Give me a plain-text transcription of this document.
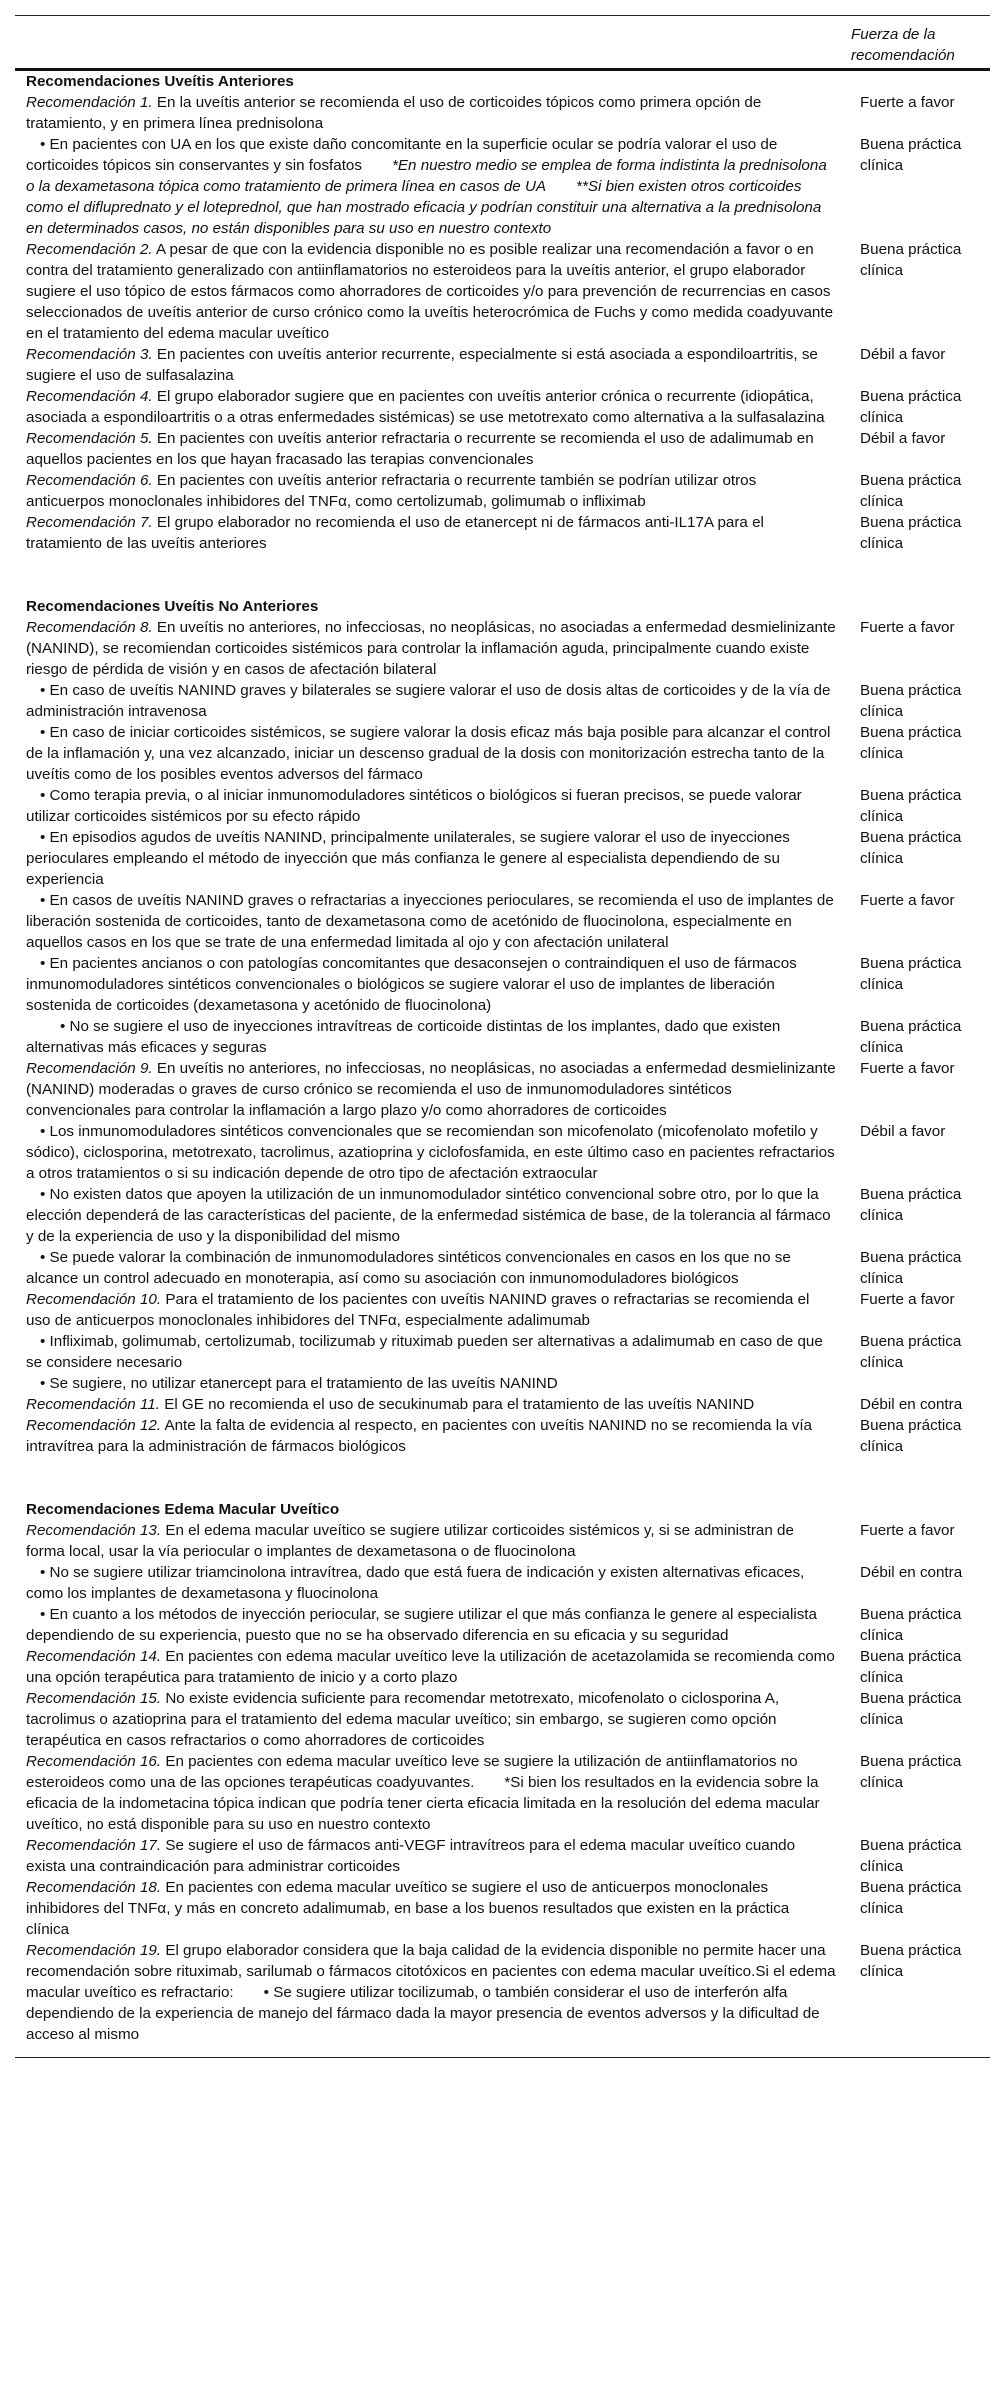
Fuerza de la
recomendación
Recomendaciones Uveítis Anteriores
Recomendación 1. En la uveítis anterior se recomienda el uso de corticoides tópicos como primera opción de tratamiento, y en primera línea prednisolona
Fuerte a favor
• En pacientes con UA en los que existe daño concomitante en la superficie ocular se podría valorar el uso de corticoides tópicos sin conservantes y sin fosfatos *En nuestro medio se emplea de forma indistinta la prednisolona o la dexametasona tópica como tratamiento de primera línea en casos de UA **Si bien existen otros corticoides como el difluprednato y el loteprednol, que han mostrado eficacia y podrían constituir una alternativa a la prednisolona en determinados casos, no están disponibles para su uso en nuestro contexto
Buena práctica clínica
Recomendación 2. A pesar de que con la evidencia disponible no es posible realizar una recomendación a favor o en contra del tratamiento generalizado con antiinflamatorios no esteroideos para la uveítis anterior, el grupo elaborador sugiere el uso tópico de estos fármacos como ahorradores de corticoides y/o para prevención de recurrencias en casos seleccionados de uveítis anterior de curso crónico como la uveítis heterocrómica de Fuchs y como medida coadyuvante en el tratamiento del edema macular uveítico
Buena práctica clínica
Recomendación 3. En pacientes con uveítis anterior recurrente, especialmente si está asociada a espondiloartritis, se sugiere el uso de sulfasalazina
Débil a favor
Recomendación 4. El grupo elaborador sugiere que en pacientes con uveítis anterior crónica o recurrente (idiopática, asociada a espondiloartritis o a otras enfermedades sistémicas) se use metotrexato como alternativa a la sulfasalazina
Buena práctica clínica
Recomendación 5. En pacientes con uveítis anterior refractaria o recurrente se recomienda el uso de adalimumab en aquellos pacientes en los que hayan fracasado las terapias convencionales
Débil a favor
Recomendación 6. En pacientes con uveítis anterior refractaria o recurrente también se podrían utilizar otros anticuerpos monoclonales inhibidores del TNFα, como certolizumab, golimumab o infliximab
Buena práctica clínica
Recomendación 7. El grupo elaborador no recomienda el uso de etanercept ni de fármacos anti-IL17A para el tratamiento de las uveítis anteriores
Buena práctica clínica
Recomendaciones Uveítis No Anteriores
Recomendación 8. En uveítis no anteriores, no infecciosas, no neoplásicas, no asociadas a enfermedad desmielinizante (NANIND), se recomiendan corticoides sistémicos para controlar la inflamación aguda, principalmente cuando existe riesgo de pérdida de visión y en casos de afectación bilateral
Fuerte a favor
• En caso de uveítis NANIND graves y bilaterales se sugiere valorar el uso de dosis altas de corticoides y de la vía de administración intravenosa
Buena práctica clínica
• En caso de iniciar corticoides sistémicos, se sugiere valorar la dosis eficaz más baja posible para alcanzar el control de la inflamación y, una vez alcanzado, iniciar un descenso gradual de la dosis con monitorización estrecha tanto de la uveítis como de los posibles eventos adversos del fármaco
Buena práctica clínica
• Como terapia previa, o al iniciar inmunomoduladores sintéticos o biológicos si fueran precisos, se puede valorar utilizar corticoides sistémicos por su efecto rápido
Buena práctica clínica
• En episodios agudos de uveítis NANIND, principalmente unilaterales, se sugiere valorar el uso de inyecciones perioculares empleando el método de inyección que más confianza le genere al especialista dependiendo de su experiencia
Buena práctica clínica
• En casos de uveítis NANIND graves o refractarias a inyecciones perioculares, se recomienda el uso de implantes de liberación sostenida de corticoides, tanto de dexametasona como de acetónido de fluocinolona, especialmente en aquellos casos en los que se trate de una enfermedad limitada al ojo y con afectación unilateral
Fuerte a favor
• En pacientes ancianos o con patologías concomitantes que desaconsejen o contraindiquen el uso de fármacos inmunomoduladores sintéticos convencionales o biológicos se sugiere valorar el uso de implantes de liberación sostenida de corticoides (dexametasona y acetónido de fluocinolona)
Buena práctica clínica
• No se sugiere el uso de inyecciones intravítreas de corticoide distintas de los implantes, dado que existen alternativas más eficaces y seguras
Buena práctica clínica
Recomendación 9. En uveítis no anteriores, no infecciosas, no neoplásicas, no asociadas a enfermedad desmielinizante (NANIND) moderadas o graves de curso crónico se recomienda el uso de inmunomoduladores sintéticos convencionales para controlar la inflamación a largo plazo y/o como ahorradores de corticoides
Fuerte a favor
• Los inmunomoduladores sintéticos convencionales que se recomiendan son micofenolato (micofenolato mofetilo y sódico), ciclosporina, metotrexato, tacrolimus, azatioprina y ciclofosfamida, en este último caso en pacientes refractarios a otros tratamientos o si su indicación depende de otro tipo de afectación extraocular
Débil a favor
• No existen datos que apoyen la utilización de un inmunomodulador sintético convencional sobre otro, por lo que la elección dependerá de las características del paciente, de la enfermedad sistémica de base, de la tolerancia al fármaco y de la experiencia de uso y la disponibilidad del mismo
Buena práctica clínica
• Se puede valorar la combinación de inmunomoduladores sintéticos convencionales en casos en los que no se alcance un control adecuado en monoterapia, así como su asociación con inmunomoduladores biológicos
Buena práctica clínica
Recomendación 10. Para el tratamiento de los pacientes con uveítis NANIND graves o refractarias se recomienda el uso de anticuerpos monoclonales inhibidores del TNFα, especialmente adalimumab
Fuerte a favor
• Infliximab, golimumab, certolizumab, tocilizumab y rituximab pueden ser alternativas a adalimumab en caso de que se considere necesario
Buena práctica clínica
• Se sugiere, no utilizar etanercept para el tratamiento de las uveítis NANIND
Recomendación 11. El GE no recomienda el uso de secukinumab para el tratamiento de las uveítis NANIND	Débil en contra
Recomendación 12. Ante la falta de evidencia al respecto, en pacientes con uveítis NANIND no se recomienda la vía intravítrea para la administración de fármacos biológicos
Buena práctica clínica
Recomendaciones Edema Macular Uveítico
Recomendación 13. En el edema macular uveítico se sugiere utilizar corticoides sistémicos y, si se administran de forma local, usar la vía periocular o implantes de dexametasona o de fluocinolona
Fuerte a favor
• No se sugiere utilizar triamcinolona intravítrea, dado que está fuera de indicación y existen alternativas eficaces, como los implantes de dexametasona y fluocinolona
Débil en contra
• En cuanto a los métodos de inyección periocular, se sugiere utilizar el que más confianza le genere al especialista dependiendo de su experiencia, puesto que no se ha observado diferencia en su eficacia y su seguridad
Buena práctica clínica
Recomendación 14. En pacientes con edema macular uveítico leve la utilización de acetazolamida se recomienda como una opción terapéutica para tratamiento de inicio y a corto plazo
Buena práctica clínica
Recomendación 15. No existe evidencia suficiente para recomendar metotrexato, micofenolato o ciclosporina A, tacrolimus o azatioprina para el tratamiento del edema macular uveítico; sin embargo, se sugieren como opción terapéutica en casos refractarios o como ahorradores de corticoides
Buena práctica clínica
Recomendación 16. En pacientes con edema macular uveítico leve se sugiere la utilización de antiinflamatorios no esteroideos como una de las opciones terapéuticas coadyuvantes. *Si bien los resultados en la evidencia sobre la eficacia de la indometacina tópica indican que podría tener cierta eficacia limitada en la resolución del edema macular uveítico, no está disponible para su uso en nuestro contexto
Buena práctica clínica
Recomendación 17. Se sugiere el uso de fármacos anti-VEGF intravítreos para el edema macular uveítico cuando exista una contraindicación para administrar corticoides
Buena práctica clínica
Recomendación 18. En pacientes con edema macular uveítico se sugiere el uso de anticuerpos monoclonales inhibidores del TNFα, y más en concreto adalimumab, en base a los buenos resultados que existen en la práctica clínica
Buena práctica clínica
Recomendación 19. El grupo elaborador considera que la baja calidad de la evidencia disponible no permite hacer una recomendación sobre rituximab, sarilumab o fármacos citotóxicos en pacientes con edema macular uveítico.Si el edema macular uveítico es refractario: • Se sugiere utilizar tocilizumab, o también considerar el uso de interferón alfa dependiendo de la experiencia de manejo del fármaco dada la mayor presencia de eventos adversos y la dificultad de acceso al mismo
Buena práctica clínica
